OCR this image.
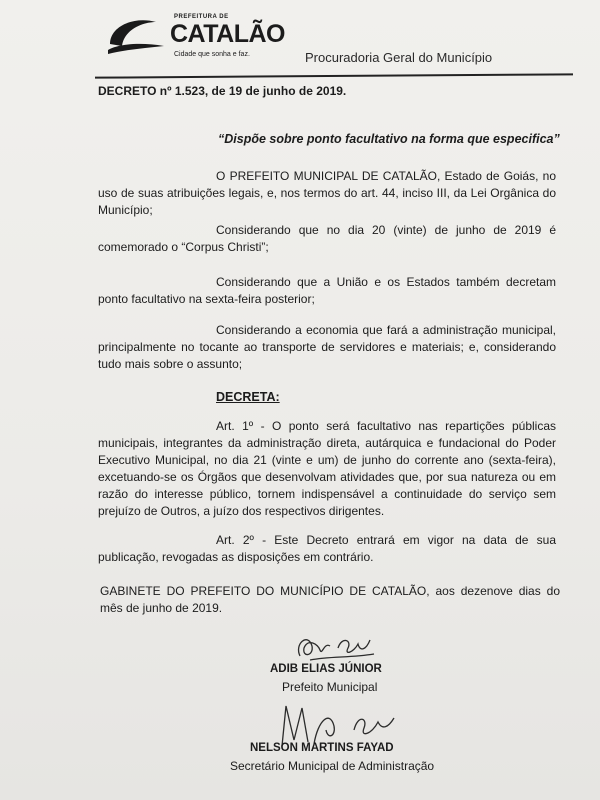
PREFEITURA DE
CATALÃO
Cidade que sonha e faz.	Procuradoria Geral do Município
DECRETO nº 1.523, de 19 de junho de 2019.
“Dispõe sobre ponto facultativo na forma que especifica”

O PREFEITO MUNICIPAL DE CATALÃO, Estado de Goiás, no uso de suas atribuições legais, e, nos termos do art. 44, inciso III, da Lei Orgânica do Município;

Considerando que no dia 20 (vinte) de junho de 2019 é comemorado o “Corpus Christi”;

Considerando que a União e os Estados também decretam ponto facultativo na sexta-feira posterior;

Considerando a economia que fará a administração municipal, principalmente no tocante ao transporte de servidores e materiais; e, considerando tudo mais sobre o assunto;

DECRETA:

Art. 1º - O ponto será facultativo nas repartições públicas municipais, integrantes da administração direta, autárquica e fundacional do Poder Executivo Municipal, no dia 21 (vinte e um) de junho do corrente ano (sexta-feira), excetuando-se os Órgãos que desenvolvam atividades que, por sua natureza ou em razão do interesse público, tornem indispensável a continuidade do serviço sem prejuízo de Outros, a juízo dos respectivos dirigentes.

Art. 2º - Este Decreto entrará em vigor na data de sua publicação, revogadas as disposições em contrário.

GABINETE DO PREFEITO DO MUNICÍPIO DE CATALÃO, aos dezenove dias do mês de junho de 2019.

ADIB ELIAS JÚNIOR
Prefeito Municipal
NELSON MARTINS FAYAD
Secretário Municipal de Administração
